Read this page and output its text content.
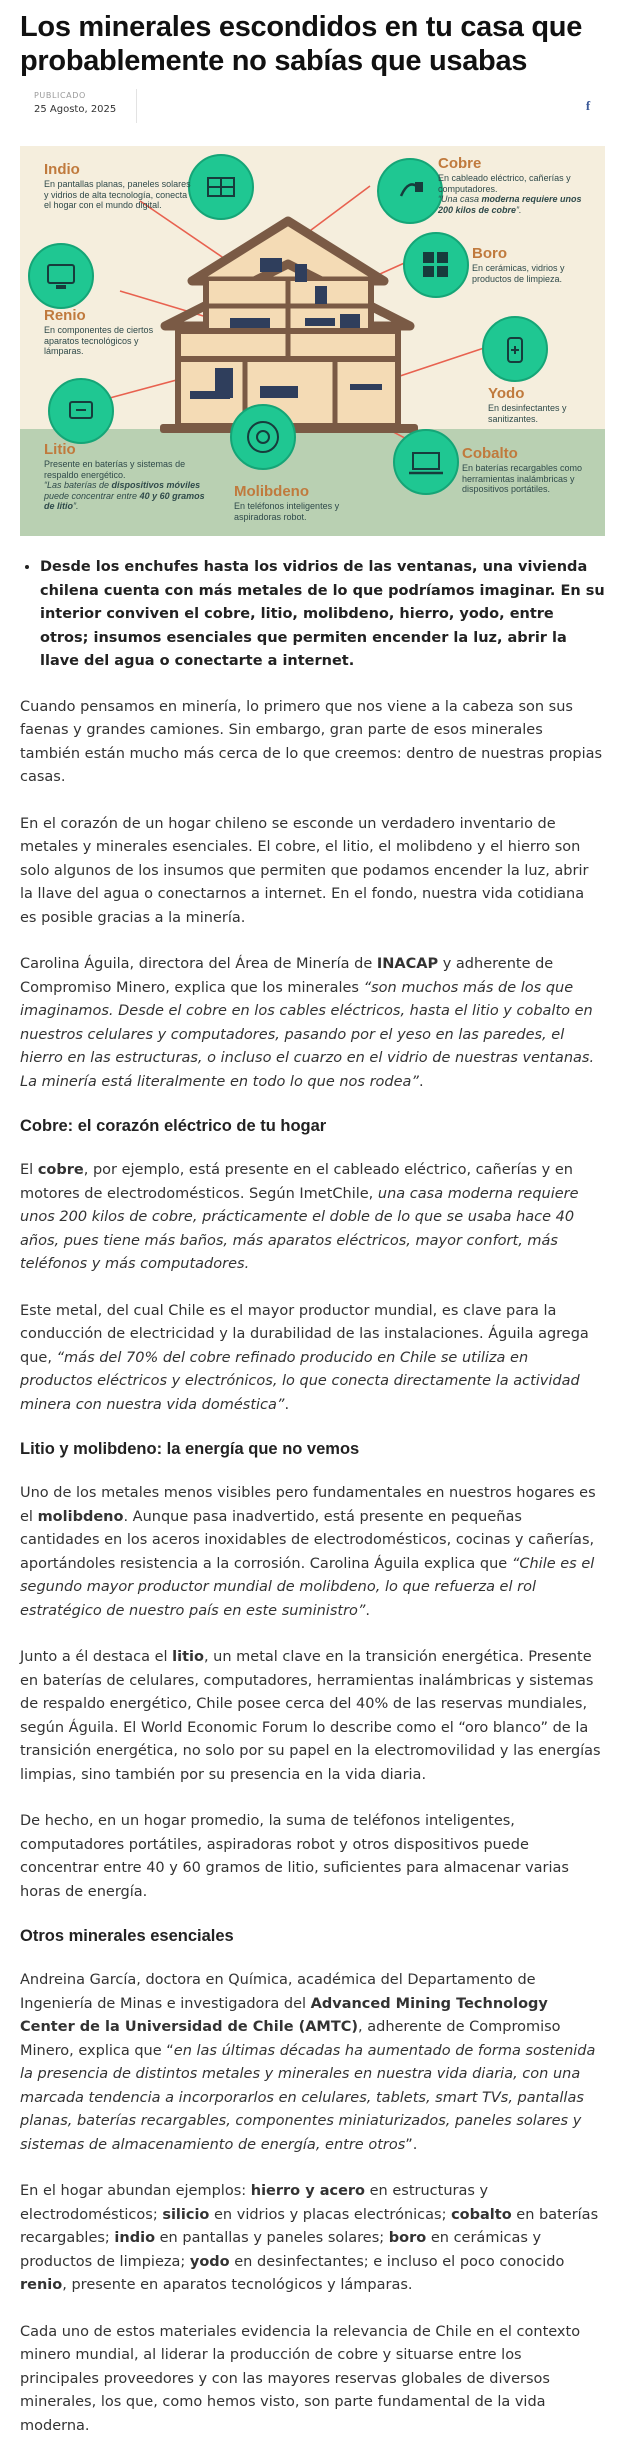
Los minerales escondidos en tu casa que probablemente no sabías que usabas
PUBLICADO
25 Agosto, 2025	f
Indio
En pantallas planas, paneles solares y vidrios de alta tecnología, conecta el hogar con el mundo digital.
Cobre
En cableado eléctrico, cañerías y computadores.
“Una casa moderna requiere unos 200 kilos de cobre”.
Boro
En cerámicas, vidrios y productos de limpieza.
Renio
En componentes de ciertos aparatos tecnológicos y lámparas.
Yodo
En desinfectantes y sanitizantes.
Litio
Presente en baterías y sistemas de respaldo energético.
“Las baterías de dispositivos móviles puede concentrar entre 40 y 60 gramos de litio”.
Molibdeno
En teléfonos inteligentes y aspiradoras robot.
Cobalto
En baterías recargables como herramientas inalámbricas y dispositivos portátiles.
• Desde los enchufes hasta los vidrios de las ventanas, una vivienda chilena cuenta con más metales de lo que podríamos imaginar. En su interior conviven el cobre, litio, molibdeno, hierro, yodo, entre otros; insumos esenciales que permiten encender la luz, abrir la llave del agua o conectarte a internet.

Cuando pensamos en minería, lo primero que nos viene a la cabeza son sus faenas y grandes camiones. Sin embargo, gran parte de esos minerales también están mucho más cerca de lo que creemos: dentro de nuestras propias casas.

En el corazón de un hogar chileno se esconde un verdadero inventario de metales y minerales esenciales. El cobre, el litio, el molibdeno y el hierro son solo algunos de los insumos que permiten que podamos encender la luz, abrir la llave del agua o conectarnos a internet. En el fondo, nuestra vida cotidiana es posible gracias a la minería.

Carolina Águila, directora del Área de Minería de INACAP y adherente de Compromiso Minero, explica que los minerales “son muchos más de los que imaginamos. Desde el cobre en los cables eléctricos, hasta el litio y cobalto en nuestros celulares y computadores, pasando por el yeso en las paredes, el hierro en las estructuras, o incluso el cuarzo en el vidrio de nuestras ventanas. La minería está literalmente en todo lo que nos rodea”.

Cobre: el corazón eléctrico de tu hogar

El cobre, por ejemplo, está presente en el cableado eléctrico, cañerías y en motores de electrodomésticos. Según ImetChile, una casa moderna requiere unos 200 kilos de cobre, prácticamente el doble de lo que se usaba hace 40 años, pues tiene más baños, más aparatos eléctricos, mayor confort, más teléfonos y más computadores.

Este metal, del cual Chile es el mayor productor mundial, es clave para la conducción de electricidad y la durabilidad de las instalaciones. Águila agrega que, “más del 70% del cobre refinado producido en Chile se utiliza en productos eléctricos y electrónicos, lo que conecta directamente la actividad minera con nuestra vida doméstica”.

Litio y molibdeno: la energía que no vemos

Uno de los metales menos visibles pero fundamentales en nuestros hogares es el molibdeno. Aunque pasa inadvertido, está presente en pequeñas cantidades en los aceros inoxidables de electrodomésticos, cocinas y cañerías, aportándoles resistencia a la corrosión. Carolina Águila explica que “Chile es el segundo mayor productor mundial de molibdeno, lo que refuerza el rol estratégico de nuestro país en este suministro”.

Junto a él destaca el litio, un metal clave en la transición energética. Presente en baterías de celulares, computadores, herramientas inalámbricas y sistemas de respaldo energético, Chile posee cerca del 40% de las reservas mundiales, según Águila. El World Economic Forum lo describe como el “oro blanco” de la transición energética, no solo por su papel en la electromovilidad y las energías limpias, sino también por su presencia en la vida diaria.

De hecho, en un hogar promedio, la suma de teléfonos inteligentes, computadores portátiles, aspiradoras robot y otros dispositivos puede concentrar entre 40 y 60 gramos de litio, suficientes para almacenar varias horas de energía.

Otros minerales esenciales

Andreina García, doctora en Química, académica del Departamento de Ingeniería de Minas e investigadora del Advanced Mining Technology Center de la Universidad de Chile (AMTC), adherente de Compromiso Minero, explica que “en las últimas décadas ha aumentado de forma sostenida la presencia de distintos metales y minerales en nuestra vida diaria, con una marcada tendencia a incorporarlos en celulares, tablets, smart TVs, pantallas planas, baterías recargables, componentes miniaturizados, paneles solares y sistemas de almacenamiento de energía, entre otros”.

En el hogar abundan ejemplos: hierro y acero en estructuras y electrodomésticos; silicio en vidrios y placas electrónicas; cobalto en baterías recargables; indio en pantallas y paneles solares; boro en cerámicas y productos de limpieza; yodo en desinfectantes; e incluso el poco conocido renio, presente en aparatos tecnológicos y lámparas.

Cada uno de estos materiales evidencia la relevancia de Chile en el contexto minero mundial, al liderar la producción de cobre y situarse entre los principales proveedores y con las mayores reservas globales de diversos minerales, los que, como hemos visto, son parte fundamental de la vida moderna.
